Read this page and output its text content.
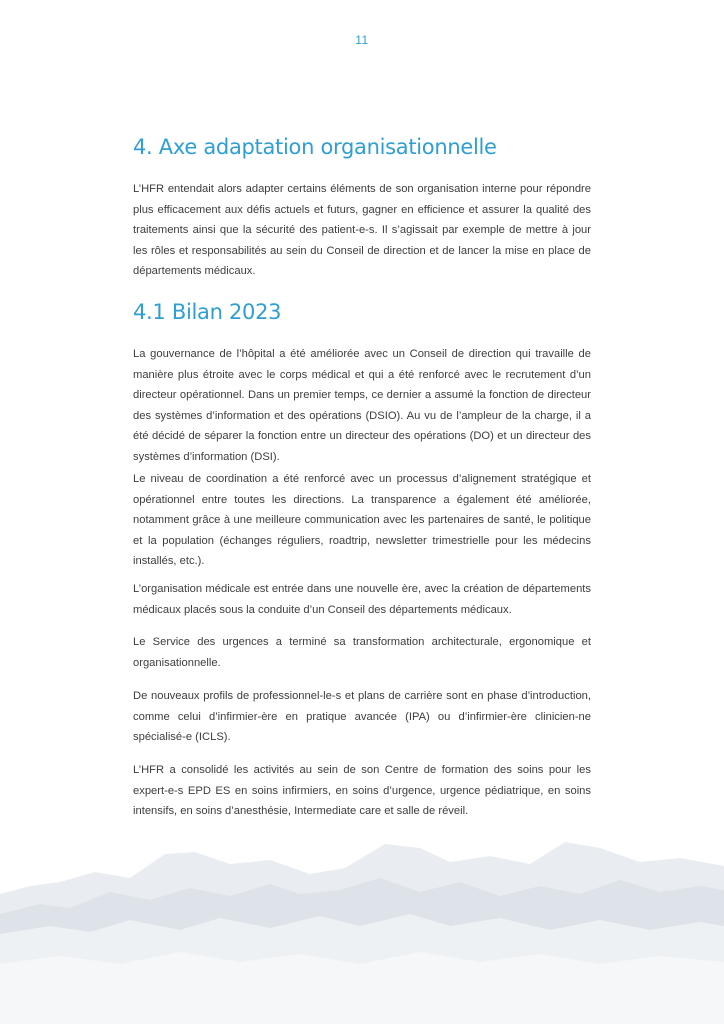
11
4. Axe adaptation organisationnelle

L’HFR entendait alors adapter certains éléments de son organisation interne pour répondre plus efficacement aux défis actuels et futurs, gagner en efficience et assurer la qualité des traitements ainsi que la sécurité des patient-e-s. Il s’agissait par exemple de mettre à jour les rôles et responsabilités au sein du Conseil de direction et de lancer la mise en place de départements médicaux.

4.1 Bilan 2023

La gouvernance de l’hôpital a été améliorée avec un Conseil de direction qui travaille de manière plus étroite avec le corps médical et qui a été renforcé avec le recrutement d’un directeur opérationnel. Dans un premier temps, ce dernier a assumé la fonction de directeur des systèmes d’information et des opérations (DSIO). Au vu de l’ampleur de la charge, il a été décidé de séparer la fonction entre un directeur des opérations (DO) et un directeur des systèmes d’information (DSI).

Le niveau de coordination a été renforcé avec un processus d’alignement stratégique et opérationnel entre toutes les directions. La transparence a également été améliorée, notamment grâce à une meilleure communication avec les partenaires de santé, le politique et la population (échanges réguliers, roadtrip, newsletter trimestrielle pour les médecins installés, etc.).

L’organisation médicale est entrée dans une nouvelle ère, avec la création de départements médicaux placés sous la conduite d’un Conseil des départements médicaux.

Le Service des urgences a terminé sa transformation architecturale, ergonomique et organisationnelle.

De nouveaux profils de professionnel-le-s et plans de carrière sont en phase d’introduction, comme celui d’infirmier-ère en pratique avancée (IPA) ou d’infirmier-ère clinicien-ne spécialisé-e (ICLS).

L’HFR a consolidé les activités au sein de son Centre de formation des soins pour les expert-e-s EPD ES en soins infirmiers, en soins d’urgence, urgence pédiatrique, en soins intensifs, en soins d’anesthésie, Intermediate care et salle de réveil.
